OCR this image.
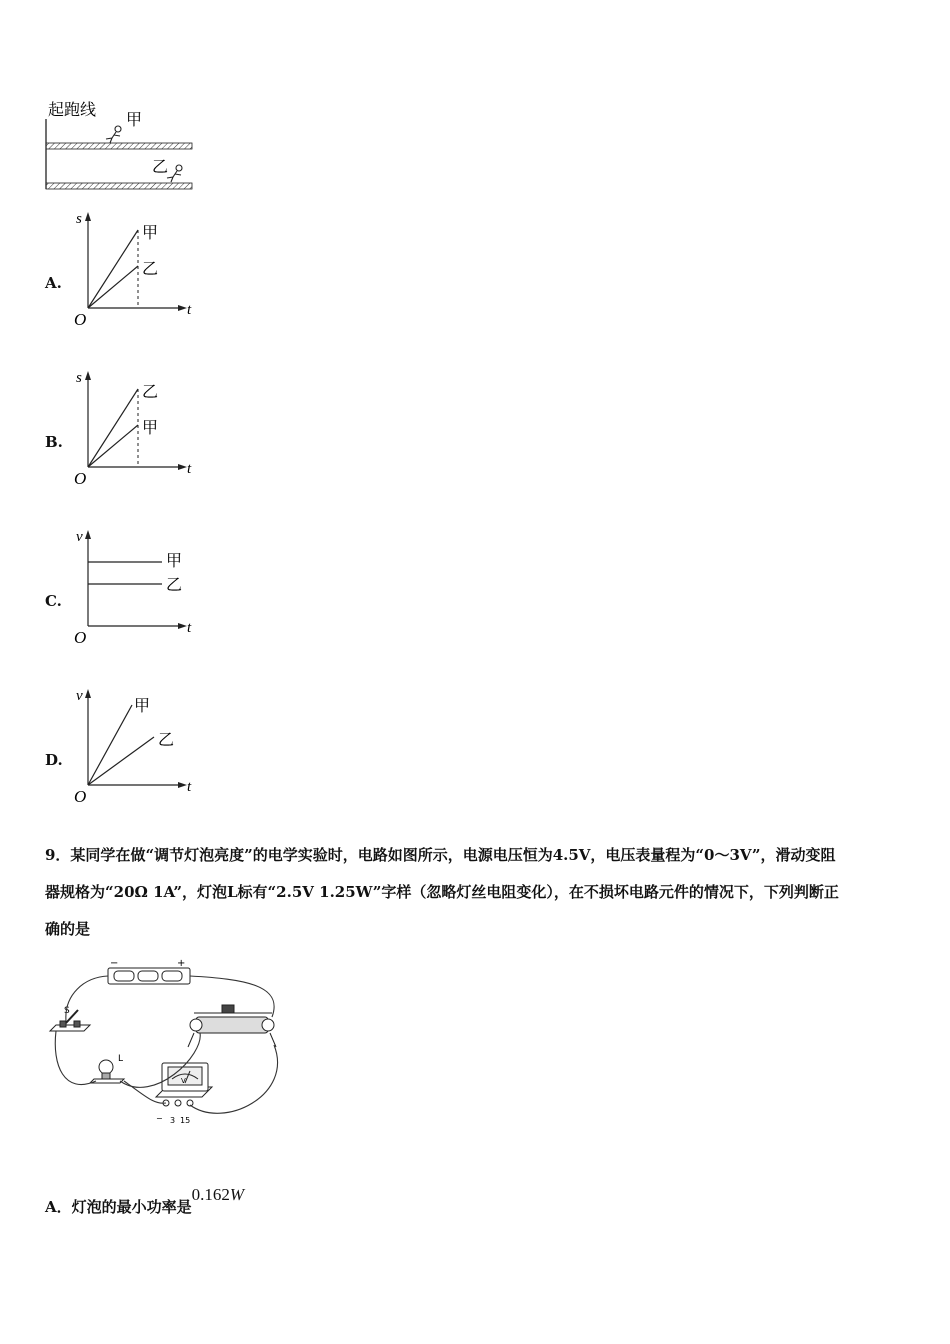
起跑线
甲
乙
A.
s
t
O
甲
乙
B.
s
t
O
乙
甲
C.
v
t
O
甲
乙
D.
v
t
O
甲
乙
9．某同学在做“调节灯泡亮度”的电学实验时，电路如图所示，电源电压恒为4.5V，电压表量程为“0～3V”，滑动变阻
器规格为“20Ω 1A”，灯泡L标有“2.5V 1.25W”字样（忽略灯丝电阻变化），在不损坏电路元件的情况下，下列判断正
确的是
−	+
S
L
V
− 3 15
A．灯泡的最小功率是0.162W
